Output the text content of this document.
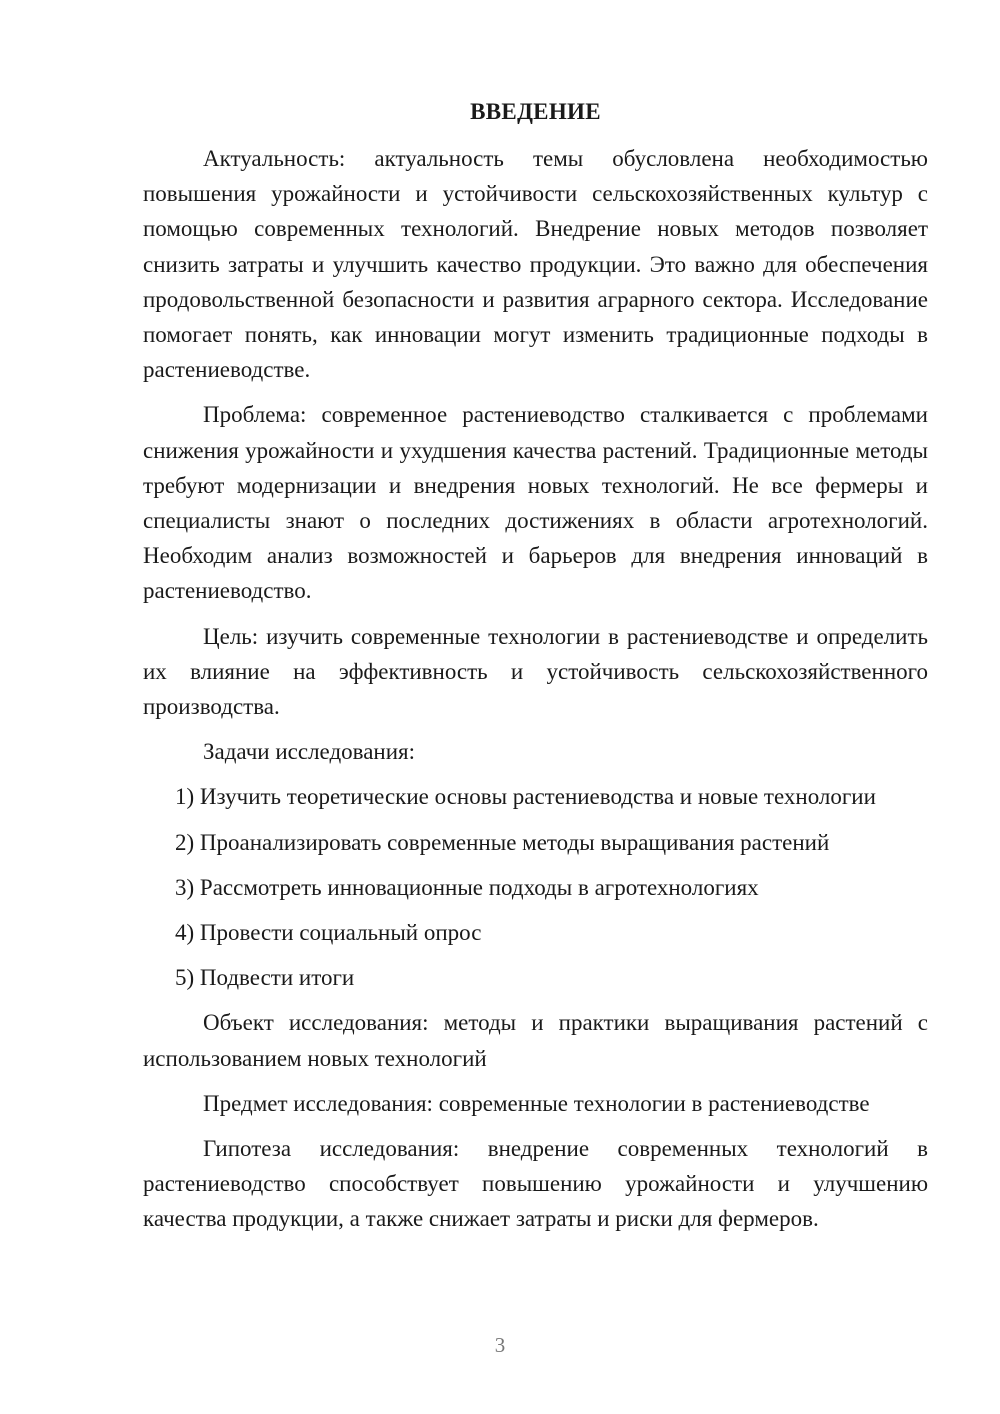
ВВЕДЕНИЕ

Актуальность: актуальность темы обусловлена необходимостью повышения урожайности и устойчивости сельскохозяйственных культур с помощью современных технологий. Внедрение новых методов позволяет снизить затраты и улучшить качество продукции. Это важно для обеспечения продовольственной безопасности и развития аграрного сектора. Исследование помогает понять, как инновации могут изменить традиционные подходы в растениеводстве.

Проблема: современное растениеводство сталкивается с проблемами снижения урожайности и ухудшения качества растений. Традиционные методы требуют модернизации и внедрения новых технологий. Не все фермеры и специалисты знают о последних достижениях в области агротехнологий. Необходим анализ возможностей и барьеров для внедрения инноваций в растениеводство.

Цель: изучить современные технологии в растениеводстве и определить их влияние на эффективность и устойчивость сельскохозяйственного производства.

Задачи исследования:

1) Изучить теоретические основы растениеводства и новые технологии

2) Проанализировать современные методы выращивания растений

3) Рассмотреть инновационные подходы в агротехнологиях

4) Провести социальный опрос

5) Подвести итоги

Объект исследования: методы и практики выращивания растений с использованием новых технологий

Предмет исследования: современные технологии в растениеводстве

Гипотеза исследования: внедрение современных технологий в растениеводство способствует повышению урожайности и улучшению качества продукции, а также снижает затраты и риски для фермеров.

3
